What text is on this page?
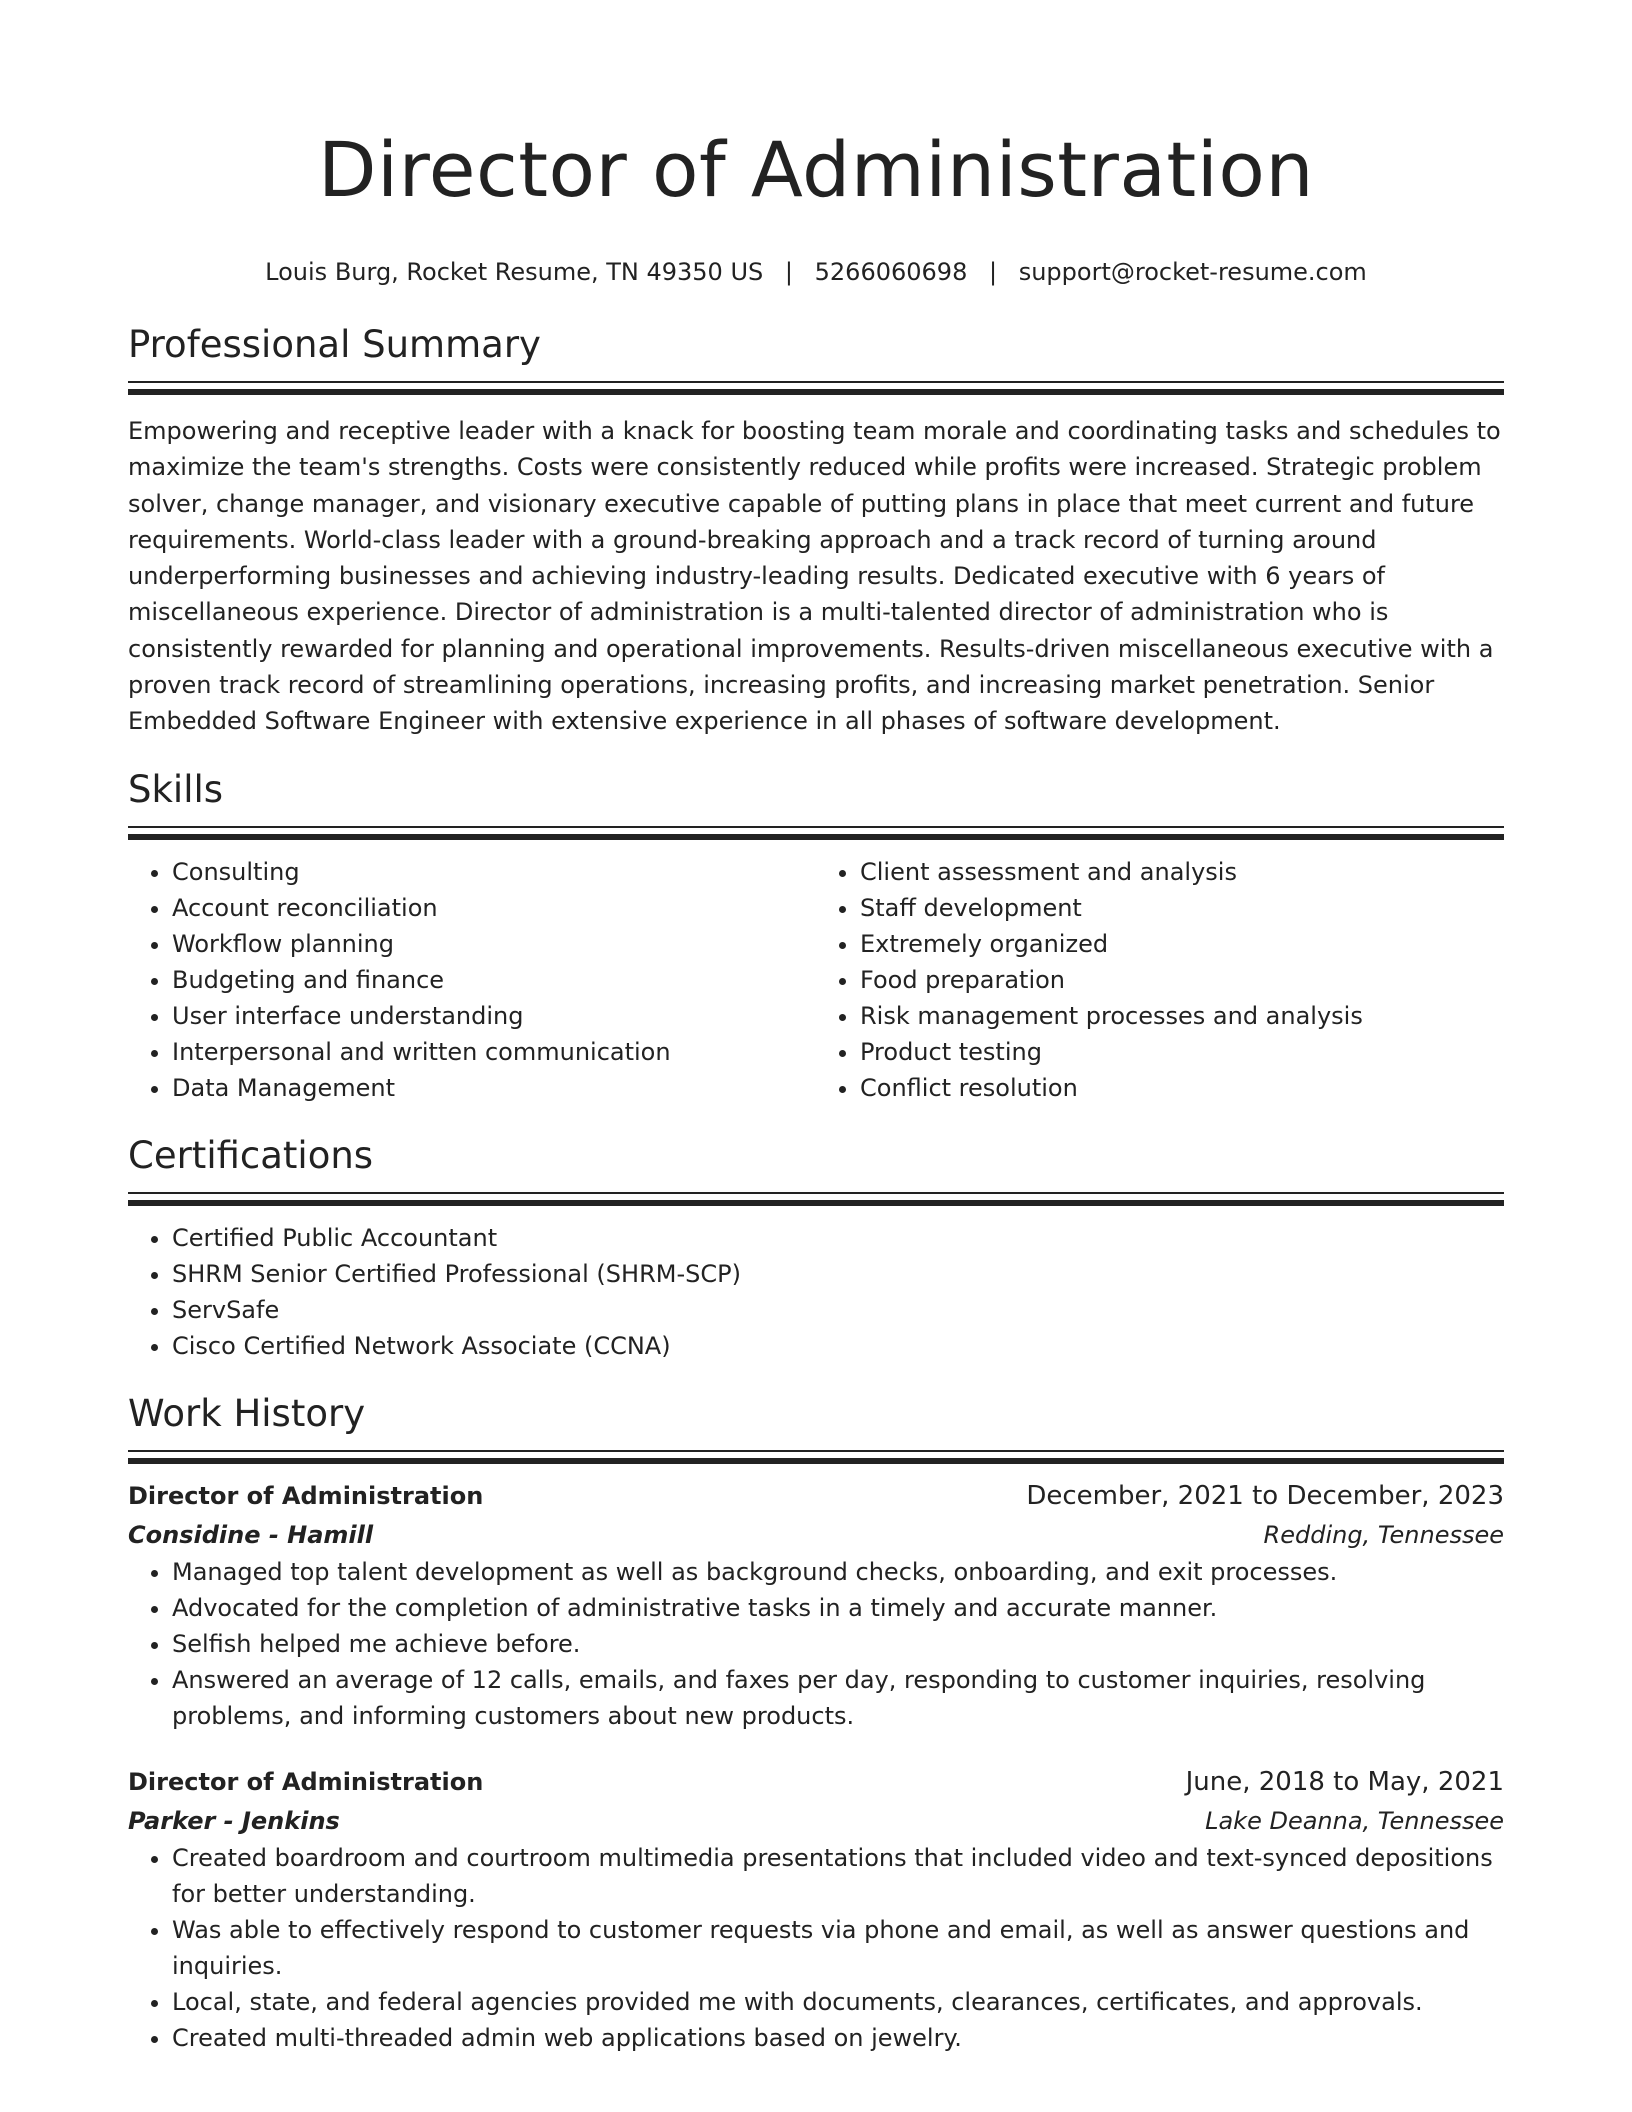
Director of Administration
Louis Burg, Rocket Resume, TN 49350 US | 5266060698 | support@rocket-resume.com
Professional Summary
Empowering and receptive leader with a knack for boosting team morale and coordinating tasks and schedules to maximize the team's strengths. Costs were consistently reduced while profits were increased. Strategic problem solver, change manager, and visionary executive capable of putting plans in place that meet current and future requirements. World-class leader with a ground-breaking approach and a track record of turning around underperforming businesses and achieving industry-leading results. Dedicated executive with 6 years of miscellaneous experience. Director of administration is a multi-talented director of administration who is consistently rewarded for planning and operational improvements. Results-driven miscellaneous executive with a proven track record of streamlining operations, increasing profits, and increasing market penetration. Senior Embedded Software Engineer with extensive experience in all phases of software development.
Skills
• Consulting
• Account reconciliation
• Workflow planning
• Budgeting and finance
• User interface understanding
• Interpersonal and written communication
• Data Management
• Client assessment and analysis
• Staff development
• Extremely organized
• Food preparation
• Risk management processes and analysis
• Product testing
• Conflict resolution
Certifications
• Certified Public Accountant
• SHRM Senior Certified Professional (SHRM-SCP)
• ServSafe
• Cisco Certified Network Associate (CCNA)
Work History
Director of Administration	December, 2021 to December, 2023
Considine - Hamill	Redding, Tennessee
• Managed top talent development as well as background checks, onboarding, and exit processes.
• Advocated for the completion of administrative tasks in a timely and accurate manner.
• Selfish helped me achieve before.
• Answered an average of 12 calls, emails, and faxes per day, responding to customer inquiries, resolving problems, and informing customers about new products.
Director of Administration	June, 2018 to May, 2021
Parker - Jenkins	Lake Deanna, Tennessee
• Created boardroom and courtroom multimedia presentations that included video and text-synced depositions for better understanding.
• Was able to effectively respond to customer requests via phone and email, as well as answer questions and inquiries.
• Local, state, and federal agencies provided me with documents, clearances, certificates, and approvals.
• Created multi-threaded admin web applications based on jewelry.
